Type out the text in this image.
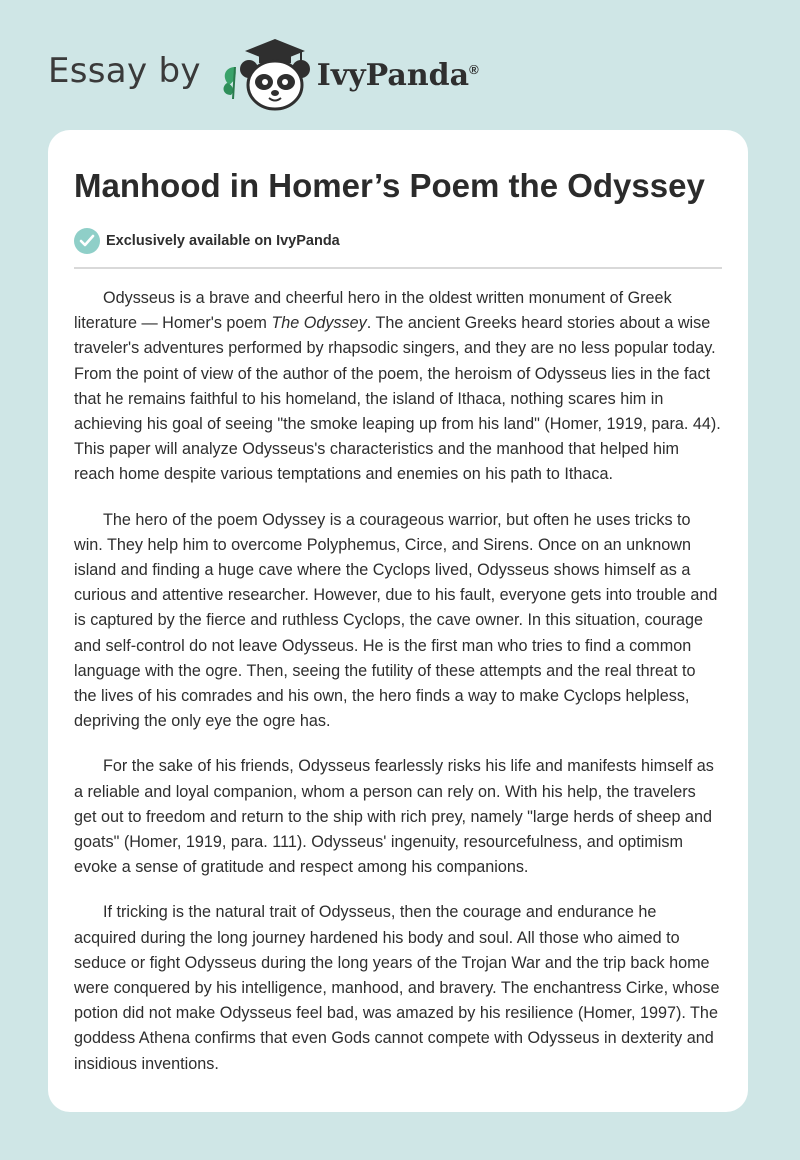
Essay by	IvyPanda®
Manhood in Homer’s Poem the Odyssey
Exclusively available on IvyPanda

Odysseus is a brave and cheerful hero in the oldest written monument of Greek literature — Homer's poem The Odyssey. The ancient Greeks heard stories about a wise traveler's adventures performed by rhapsodic singers, and they are no less popular today. From the point of view of the author of the poem, the heroism of Odysseus lies in the fact that he remains faithful to his homeland, the island of Ithaca, nothing scares him in achieving his goal of seeing "the smoke leaping up from his land" (Homer, 1919, para. 44). This paper will analyze Odysseus's characteristics and the manhood that helped him reach home despite various temptations and enemies on his path to Ithaca.

The hero of the poem Odyssey is a courageous warrior, but often he uses tricks to win. They help him to overcome Polyphemus, Circe, and Sirens. Once on an unknown island and finding a huge cave where the Cyclops lived, Odysseus shows himself as a curious and attentive researcher. However, due to his fault, everyone gets into trouble and is captured by the fierce and ruthless Cyclops, the cave owner. In this situation, courage and self-control do not leave Odysseus. He is the first man who tries to find a common language with the ogre. Then, seeing the futility of these attempts and the real threat to the lives of his comrades and his own, the hero finds a way to make Cyclops helpless, depriving the only eye the ogre has.

For the sake of his friends, Odysseus fearlessly risks his life and manifests himself as a reliable and loyal companion, whom a person can rely on. With his help, the travelers get out to freedom and return to the ship with rich prey, namely "large herds of sheep and goats" (Homer, 1919, para. 111). Odysseus' ingenuity, resourcefulness, and optimism evoke a sense of gratitude and respect among his companions.

If tricking is the natural trait of Odysseus, then the courage and endurance he acquired during the long journey hardened his body and soul. All those who aimed to seduce or fight Odysseus during the long years of the Trojan War and the trip back home were conquered by his intelligence, manhood, and bravery. The enchantress Cirke, whose potion did not make Odysseus feel bad, was amazed by his resilience (Homer, 1997). The goddess Athena confirms that even Gods cannot compete with Odysseus in dexterity and insidious inventions.
